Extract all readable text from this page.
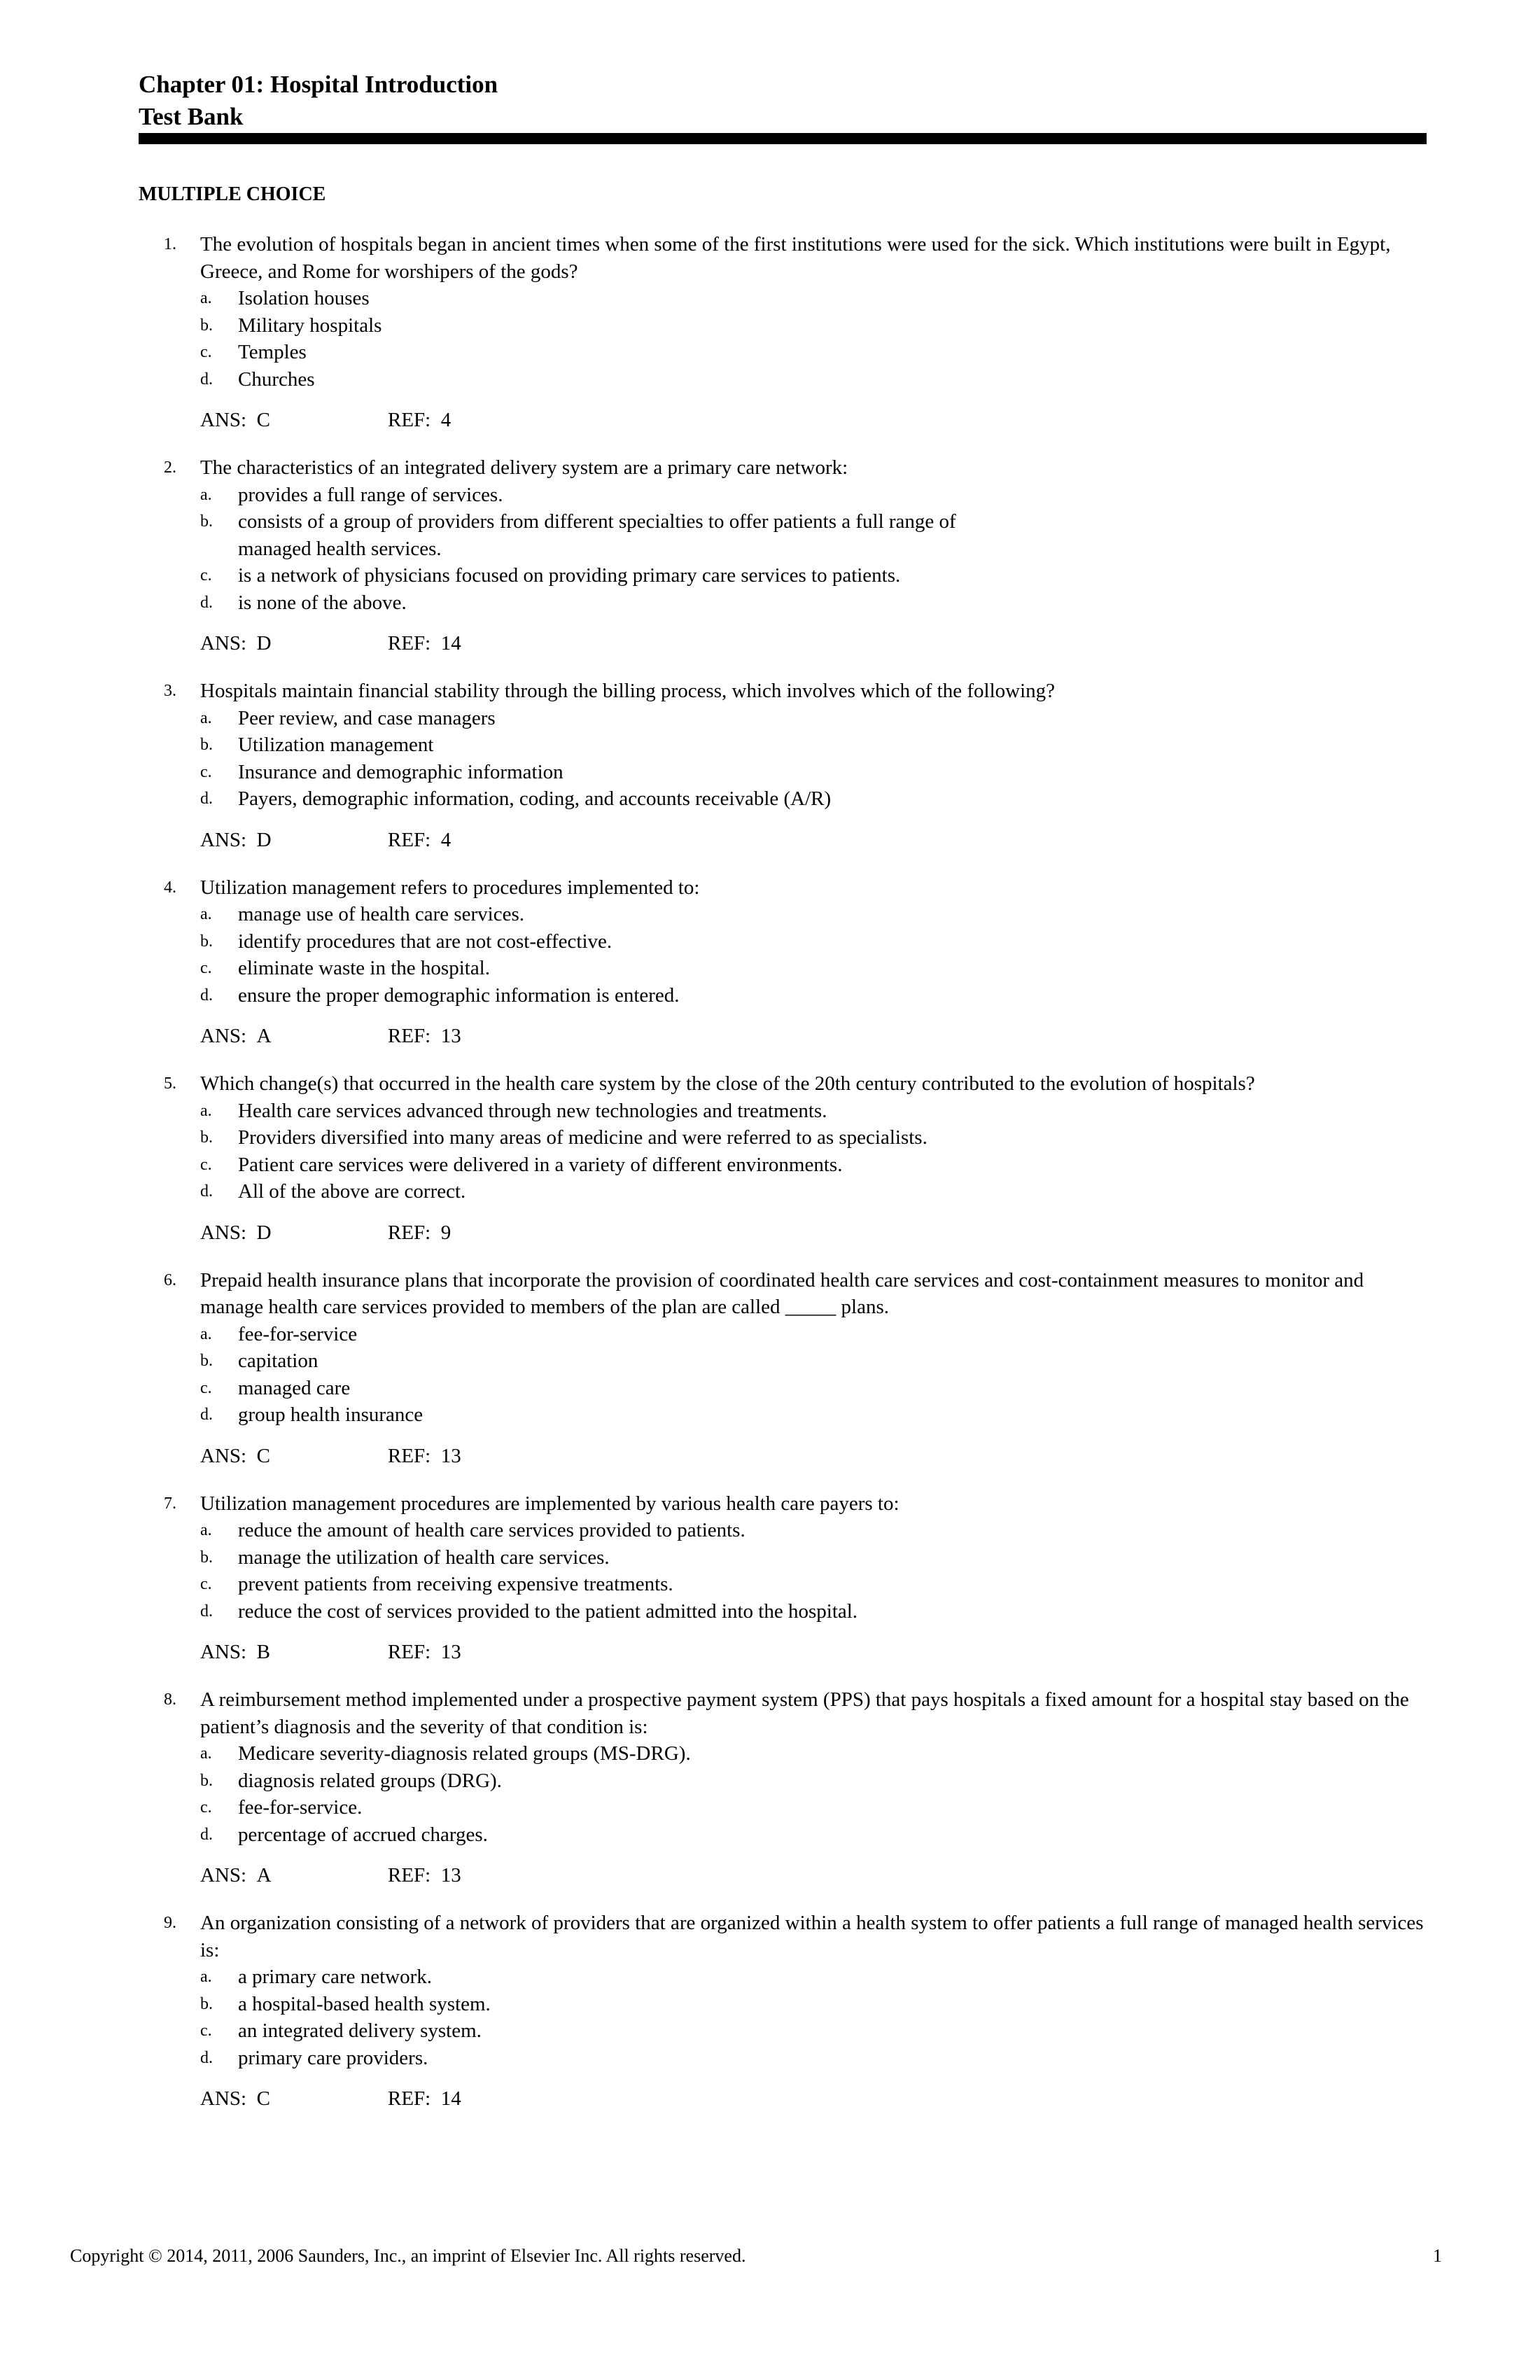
Chapter 01: Hospital Introduction
Test Bank
MULTIPLE CHOICE
1. The evolution of hospitals began in ancient times when some of the first institutions were used for the sick. Which institutions were built in Egypt, Greece, and Rome for worshipers of the gods?
a. Isolation houses
b. Military hospitals
c. Temples
d. Churches
ANS: C	REF: 4
2. The characteristics of an integrated delivery system are a primary care network:
a. provides a full range of services.
b. consists of a group of providers from different specialties to offer patients a full range of managed health services.
c. is a network of physicians focused on providing primary care services to patients.
d. is none of the above.
ANS: D	REF: 14
3. Hospitals maintain financial stability through the billing process, which involves which of the following?
a. Peer review, and case managers
b. Utilization management
c. Insurance and demographic information
d. Payers, demographic information, coding, and accounts receivable (A/R)
ANS: D	REF: 4
4. Utilization management refers to procedures implemented to:
a. manage use of health care services.
b. identify procedures that are not cost-effective.
c. eliminate waste in the hospital.
d. ensure the proper demographic information is entered.
ANS: A	REF: 13
5. Which change(s) that occurred in the health care system by the close of the 20th century contributed to the evolution of hospitals?
a. Health care services advanced through new technologies and treatments.
b. Providers diversified into many areas of medicine and were referred to as specialists.
c. Patient care services were delivered in a variety of different environments.
d. All of the above are correct.
ANS: D	REF: 9
6. Prepaid health insurance plans that incorporate the provision of coordinated health care services and cost-containment measures to monitor and manage health care services provided to members of the plan are called _____ plans.
a. fee-for-service
b. capitation
c. managed care
d. group health insurance
ANS: C	REF: 13
7. Utilization management procedures are implemented by various health care payers to:
a. reduce the amount of health care services provided to patients.
b. manage the utilization of health care services.
c. prevent patients from receiving expensive treatments.
d. reduce the cost of services provided to the patient admitted into the hospital.
ANS: B	REF: 13
8. A reimbursement method implemented under a prospective payment system (PPS) that pays hospitals a fixed amount for a hospital stay based on the patient’s diagnosis and the severity of that condition is:
a. Medicare severity-diagnosis related groups (MS-DRG).
b. diagnosis related groups (DRG).
c. fee-for-service.
d. percentage of accrued charges.
ANS: A	REF: 13
9. An organization consisting of a network of providers that are organized within a health system to offer patients a full range of managed health services is:
a. a primary care network.
b. a hospital-based health system.
c. an integrated delivery system.
d. primary care providers.
ANS: C	REF: 14
Copyright © 2014, 2011, 2006 Saunders, Inc., an imprint of Elsevier Inc. All rights reserved.	1
